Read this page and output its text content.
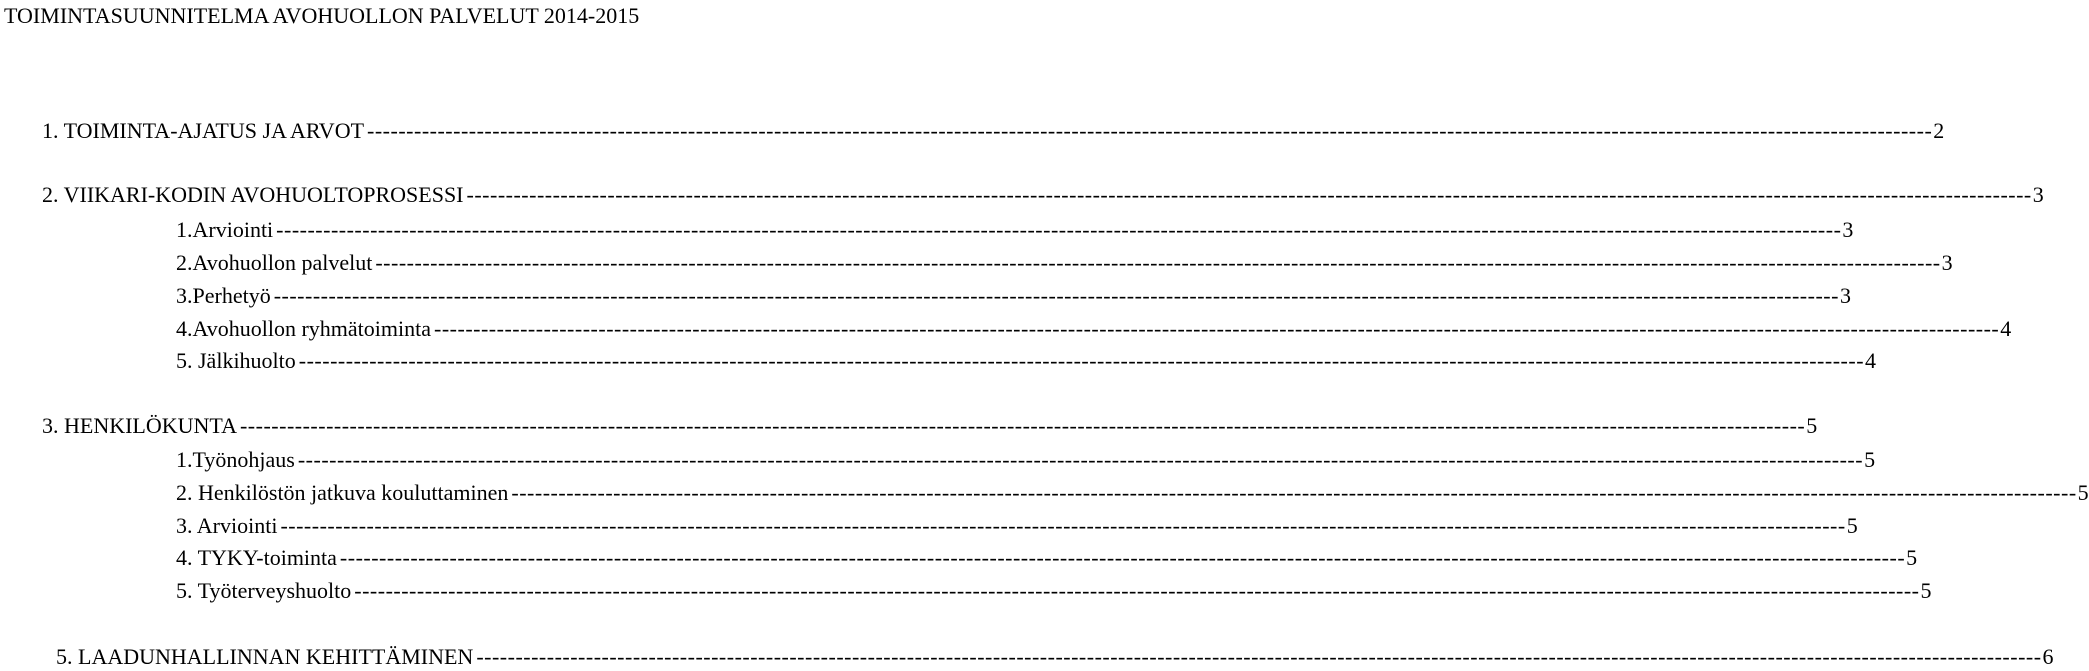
TOIMINTASUUNNITELMA AVOHUOLLON PALVELUT 2014-2015
1. TOIMINTA-AJATUS JA ARVOT -------------------------------------------------------------------------------------------------------------------------------------------------------------------------------------------------------- 2
2. VIIKARI-KODIN AVOHUOLTOPROSESSI -------------------------------------------------------------------------------------------------------------------------------------------------------------------------------------------------------- 3
1.Arviointi -------------------------------------------------------------------------------------------------------------------------------------------------------------------------------------------------------- 3
2.Avohuollon palvelut -------------------------------------------------------------------------------------------------------------------------------------------------------------------------------------------------------- 3
3.Perhetyö -------------------------------------------------------------------------------------------------------------------------------------------------------------------------------------------------------- 3
4.Avohuollon ryhmätoiminta -------------------------------------------------------------------------------------------------------------------------------------------------------------------------------------------------------- 4
5. Jälkihuolto -------------------------------------------------------------------------------------------------------------------------------------------------------------------------------------------------------- 4
3. HENKILÖKUNTA -------------------------------------------------------------------------------------------------------------------------------------------------------------------------------------------------------- 5
1.Työnohjaus -------------------------------------------------------------------------------------------------------------------------------------------------------------------------------------------------------- 5
2. Henkilöstön jatkuva kouluttaminen -------------------------------------------------------------------------------------------------------------------------------------------------------------------------------------------------------- 5
3. Arviointi -------------------------------------------------------------------------------------------------------------------------------------------------------------------------------------------------------- 5
4. TYKY-toiminta -------------------------------------------------------------------------------------------------------------------------------------------------------------------------------------------------------- 5
5. Työterveyshuolto -------------------------------------------------------------------------------------------------------------------------------------------------------------------------------------------------------- 5
5. LAADUNHALLINNAN KEHITTÄMINEN -------------------------------------------------------------------------------------------------------------------------------------------------------------------------------------------------------- 6
